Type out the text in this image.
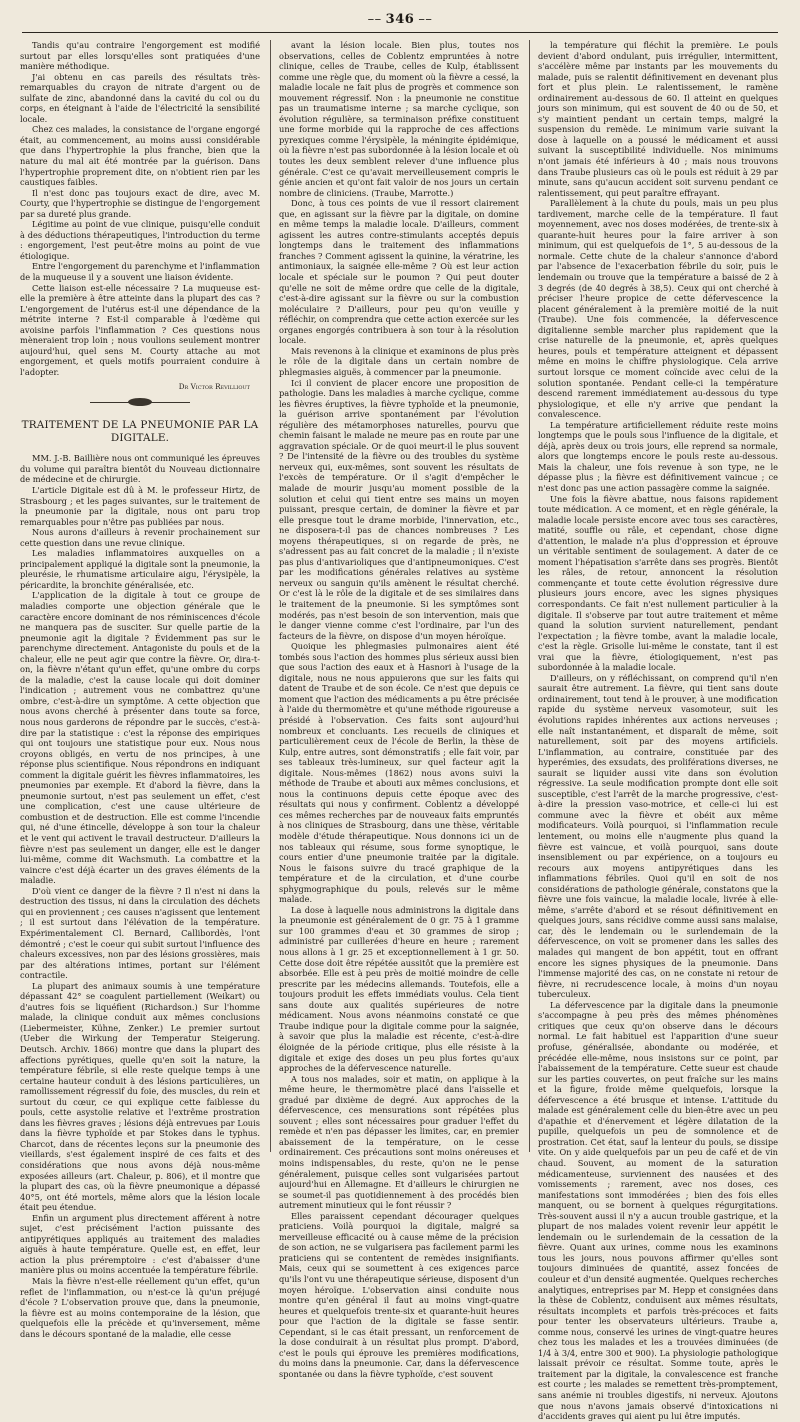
–– 346 ––

Tandis qu'au contraire l'engorgement est modifié surtout par elles lorsqu'elles sont pratiquées d'une manière méthodique.

J'ai obtenu en cas pareils des résultats très-remarquables du crayon de nitrate d'argent ou de sulfate de zinc, abandonné dans la cavité du col ou du corps, en éteignant à l'aide de l'électricité la sensibilité locale.

Chez ces malades, la consistance de l'organe engorgé était, au commencement, au moins aussi considérable que dans l'hypertrophie la plus franche, bien que la nature du mal ait été montrée par la guérison. Dans l'hypertrophie proprement dite, on n'obtient rien par les caustiques faibles.

Il n'est donc pas toujours exact de dire, avec M. Courty, que l'hypertrophie se distingue de l'engorgement par sa dureté plus grande.

Légitime au point de vue clinique, puisqu'elle conduit à des déductions thérapeutiques, l'introduction du terme : engorgement, l'est peut-être moins au point de vue étiologique.

Entre l'engorgement du parenchyme et l'inflammation de la muqueuse il y a souvent une liaison évidente.

Cette liaison est-elle nécessaire ? La muqueuse est-elle la première à être atteinte dans la plupart des cas ? L'engorgement de l'utérus est-il une dépendance de la métrite interne ? Est-il comparable à l'œdème qui avoisine parfois l'inflammation ? Ces questions nous mèneraient trop loin ; nous voulions seulement montrer aujourd'hui, quel sens M. Courty attache au mot engorgement, et quels motifs pourraient conduire à l'adopter.

Dr Victor Revilliout
TRAITEMENT DE LA PNEUMONIE PAR LA DIGITALE.

MM. J.-B. Baillière nous ont communiqué les épreuves du volume qui paraîtra bientôt du Nouveau dictionnaire de médecine et de chirurgie.

L'article Digitale est dû à M. le professeur Hirtz, de Strasbourg ; et les pages suivantes, sur le traitement de la pneumonie par la digitale, nous ont paru trop remarquables pour n'être pas publiées par nous.

Nous aurons d'ailleurs à revenir prochainement sur cette question dans une revue clinique.

Les maladies inflammatoires auxquelles on a principalement appliqué la digitale sont la pneumonie, la pleurésie, le rhumatisme articulaire aigu, l'érysipèle, la péricardite, la bronchite généralisée, etc.

L'application de la digitale à tout ce groupe de maladies comporte une objection générale que le caractère encore dominant de nos réminiscences d'école ne manquera pas de susciter. Sur quelle partie de la pneumonie agit la digitale ? Évidemment pas sur le parenchyme directement. Antagoniste du pouls et de la chaleur, elle ne peut agir que contre la fièvre. Or, dira-t-on, la fièvre n'étant qu'un effet, qu'une ombre du corps de la maladie, c'est la cause locale qui doit dominer l'indication ; autrement vous ne combattrez qu'une ombre, c'est-à-dire un symptôme. A cette objection que nous avons cherché à présenter dans toute sa force, nous nous garderons de répondre par le succès, c'est-à-dire par la statistique : c'est la réponse des empiriques qui ont toujours une statistique pour eux. Nous nous croyons obligés, en vertu de nos principes, à une réponse plus scientifique. Nous répondrons en indiquant comment la digitale guérit les fièvres inflammatoires, les pneumonies par exemple. Et d'abord la fièvre, dans la pneumonie surtout, n'est pas seulement un effet, c'est une complication, c'est une cause ultérieure de combustion et de destruction. Elle est comme l'incendie qui, né d'une étincelle, développe à son tour la chaleur et le vent qui activent le travail destructeur. D'ailleurs la fièvre n'est pas seulement un danger, elle est le danger lui-même, comme dit Wachsmuth. La combattre et la vaincre c'est déjà écarter un des graves éléments de la maladie.

D'où vient ce danger de la fièvre ? Il n'est ni dans la destruction des tissus, ni dans la circulation des déchets qui en proviennent ; ces causes n'agissent que lentement ; il est surtout dans l'élévation de la température. Expérimentalement Cl. Bernard, Callibordès, l'ont démontré ; c'est le coeur qui subit surtout l'influence des chaleurs excessives, non par des lésions grossières, mais par des altérations intimes, portant sur l'élément contractile.

La plupart des animaux soumis à une température dépassant 42° se coagulent partiellement (Weikart) ou d'autres fois se liquéfient (Richardson.) Sur l'homme malade, la clinique conduit aux mêmes conclusions (Liebermeister, Kühne, Zenker.) Le premier surtout (Ueber die Wirkung der Temperatur Steigerung. Deutsch. Archiv. 1866) montre que dans la plupart des affections pyrétiques, quelle qu'en soit la nature, la température fébrile, si elle reste quelque temps à une certaine hauteur conduit à des lésions particulières, un ramollissement régressif du foie, des muscles, du rein et surtout du cœur, ce qui explique cette faiblesse du pouls, cette asystolie relative et l'extrême prostration dans les fièvres graves ; lésions déjà entrevues par Louis dans la fièvre typhoïde et par Stokes dans le typhus. Charcot, dans de récentes leçons sur la pneumonie des vieillards, s'est également inspiré de ces faits et des considérations que nous avons déjà nous-même exposées ailleurs (art. Chaleur, p. 806), et il montre que la plupart des cas, où la fièvre pneumonique a dépassé 40°5, ont été mortels, même alors que la lésion locale était peu étendue.

Enfin un argument plus directement afférent à notre sujet, c'est précisément l'action puissante des antipyrétiques appliqués au traitement des maladies aiguës à haute température. Quelle est, en effet, leur action la plus préremptoire : c'est d'abaisser d'une manière plus ou moins accentuée la température fébrile.

Mais la fièvre n'est-elle réellement qu'un effet, qu'un reflet de l'inflammation, ou n'est-ce là qu'un préjugé d'école ? L'observation prouve que, dans la pneumonie, la fièvre est au moins contemporaine de la lésion, que quelquefois elle la précède et qu'inversement, même dans le décours spontané de la maladie, elle cesse

avant la lésion locale. Bien plus, toutes nos observations, celles de Coblentz empruntées à notre clinique, celles de Traube, celles de Kulp, établissent comme une règle que, du moment où la fièvre a cessé, la maladie locale ne fait plus de progrès et commence son mouvement régressif. Non : la pneumonie ne constitue pas un traumatisme interne ; sa marche cyclique, son évolution régulière, sa terminaison préfixe constituent une forme morbide qui la rapproche de ces affections pyrexiques comme l'érysipèle, la méningite épidémique, où la fièvre n'est pas subordonnée à la lésion locale et où toutes les deux semblent relever d'une influence plus générale. C'est ce qu'avait merveilleusement compris le génie ancien et qu'ont fait valoir de nos jours un certain nombre de cliniciens. (Traube, Marrotte.)

Donc, à tous ces points de vue il ressort clairement que, en agissant sur la fièvre par la digitale, on domine en même temps la maladie locale. D'ailleurs, comment agissent les autres contre-stimulants acceptés depuis longtemps dans le traitement des inflammations franches ? Comment agissent la quinine, la vératrine, les antimoniaux, la saignée elle-même ? Où est leur action locale et spéciale sur le poumon ? Qui peut douter qu'elle ne soit de même ordre que celle de la digitale, c'est-à-dire agissant sur la fièvre ou sur la combustion moléculaire ? D'ailleurs, pour peu qu'on veuille y réfléchir, on comprendra que cette action exercée sur les organes engorgés contribuera à son tour à la résolution locale.

Mais revenons à la clinique et examinons de plus près le rôle de la digitale dans un certain nombre de phlegmasies aiguës, à commencer par la pneumonie.

Ici il convient de placer encore une proposition de pathologie. Dans les maladies à marche cyclique, comme les fièvres éruptives, la fièvre typhoïde et la pneumonie, la guérison arrive spontanément par l'évolution régulière des métamorphoses naturelles, pourvu que chemin faisant le malade ne meure pas en route par une aggravation spéciale. Or de quoi meurt-il le plus souvent ? De l'intensité de la fièvre ou des troubles du système nerveux qui, eux-mêmes, sont souvent les résultats de l'excès de température. Or il s'agit d'empêcher le malade de mourir jusqu'au moment possible de la solution et celui qui tient entre ses mains un moyen puissant, presque certain, de dominer la fièvre et par elle presque tout le drame morbide, l'innervation, etc., ne disposera-t-il pas de chances nombreuses ? Les moyens thérapeutiques, si on regarde de près, ne s'adressent pas au fait concret de la maladie ; il n'existe pas plus d'antivarioliques que d'antipneumoniques. C'est par les modifications générales relatives au système nerveux ou sanguin qu'ils amènent le résultat cherché. Or c'est là le rôle de la digitale et de ses similaires dans le traitement de la pneumonie. Si les symptômes sont modérés, pas n'est besoin de son intervention, mais que le danger vienne comme c'est l'ordinaire, par l'un des facteurs de la fièvre, on dispose d'un moyen héroïque.

Quoique les phlegmasies pulmonaires aient été tombés sous l'action des hommes plus sérieux aussi bien que sous l'action des eaux et à Hasnori à l'usage de la digitale, nous ne nous appuierons que sur les faits qui datent de Traube et de son école. Ce n'est que depuis ce moment que l'action des médicaments a pu être précisée à l'aide du thermomètre et qu'une méthode rigoureuse a présidé à l'observation. Ces faits sont aujourd'hui nombreux et concluants. Les recueils de cliniques et particulièrement ceux de l'école de Berlin, la thèse de Kulp, entre autres, sont démonstratifs ; elle fait voir, par ses tableaux très-lumineux, sur quel facteur agit la digitale. Nous-mêmes (1862) nous avons suivi la méthode de Traube et abouti aux mêmes conclusions, et nous la continuons depuis cette époque avec des résultats qui nous y confirment. Coblentz a développé ces mêmes recherches par de nouveaux faits empruntés à nos cliniques de Strasbourg, dans une thèse, véritable modèle d'étude thérapeutique. Nous donnons ici un de nos tableaux qui résume, sous forme synoptique, le cours entier d'une pneumonie traitée par la digitale. Nous le faisons suivre du tracé graphique de la température et de la circulation, et d'une courbe sphygmographique du pouls, relevés sur le même malade.

La dose à laquelle nous administrons la digitale dans la pneumonie est généralement de 0 gr. 75 à 1 gramme sur 100 grammes d'eau et 30 grammes de sirop ; administré par cuillerées d'heure en heure ; rarement nous allons à 1 gr. 25 et exceptionnellement à 1 gr. 50. Cette dose doit être répétée aussitôt que la première est absorbée. Elle est à peu près de moitié moindre de celle prescrite par les médecins allemands. Toutefois, elle a toujours produit les effets immédiats voulus. Cela tient sans doute aux qualités supérieures de notre médicament. Nous avons néanmoins constaté ce que Traube indique pour la digitale comme pour la saignée, à savoir que plus la maladie est récente, c'est-à-dire éloignée de la période critique, plus elle résiste à la digitale et exige des doses un peu plus fortes qu'aux approches de la défervescence naturelle.

A tous nos malades, soir et matin, on applique à la même heure, le thermomètre placé dans l'aisselle et gradué par dixième de degré. Aux approches de la défervescence, ces mensurations sont répétées plus souvent ; elles sont nécessaires pour graduer l'effet du remède et n'en pas dépasser les limites, car, en premier abaissement de la température, on le cesse ordinairement. Ces précautions sont moins onéreuses et moins indispensables, du reste, qu'on ne le pense généralement, puisque celles sont vulgarisées partout aujourd'hui en Allemagne. Et d'ailleurs le chirurgien ne se soumet-il pas quotidiennement à des procédés bien autrement minutieux qui le font réussir ?

Elles paraissent cependant décourager quelques praticiens. Voilà pourquoi la digitale, malgré sa merveilleuse efficacité ou à cause même de la précision de son action, ne se vulgarisera pas facilement parmi les praticiens qui se contentent de remèdes insignifiants. Mais, ceux qui se soumettent à ces exigences parce qu'ils l'ont vu une thérapeutique sérieuse, disposent d'un moyen héroïque. L'observation ainsi conduite nous montre qu'en général il faut au moins vingt-quatre heures et quelquefois trente-six et quarante-huit heures pour que l'action de la digitale se fasse sentir. Cependant, si le cas était pressant, un renforcement de la dose conduirait à un résultat plus prompt. D'abord, c'est le pouls qui éprouve les premières modifications, du moins dans la pneumonie. Car, dans la défervescence spontanée ou dans la fièvre typhoïde, c'est souvent

la température qui fléchit la première. Le pouls devient d'abord ondulant, puis irrégulier, intermittent, s'accélère même par instants par les mouvements du malade, puis se ralentit définitivement en devenant plus fort et plus plein. Le ralentissement, le ramène ordinairement au-dessous de 60. Il atteint en quelques jours son minimum, qui est souvent de 40 ou de 50, et s'y maintient pendant un certain temps, malgré la suspension du remède. Le minimum varie suivant la dose à laquelle on a poussé le médicament et aussi suivant la susceptibilité individuelle. Nos minimums n'ont jamais été inférieurs à 40 ; mais nous trouvons dans Traube plusieurs cas où le pouls est réduit à 29 par minute, sans qu'aucun accident soit survenu pendant ce ralentissement, qui peut paraître effrayant.

Parallèlement à la chute du pouls, mais un peu plus tardivement, marche celle de la température. Il faut moyennement, avec nos doses modérées, de trente-six à quarante-huit heures pour la faire arriver à son minimum, qui est quelquefois de 1°, 5 au-dessous de la normale. Cette chute de la chaleur s'annonce d'abord par l'absence de l'exacerbation fébrile du soir, puis le lendemain ou trouve que la température a baissé de 2 à 3 degrés (de 40 degrés à 38,5). Ceux qui ont cherché à préciser l'heure propice de cette défervescence la placent généralement à la première moitié de la nuit (Traube). Une fois commencée, la défervescence digitalienne semble marcher plus rapidement que la crise naturelle de la pneumonie, et, après quelques heures, pouls et température atteignent et dépassent même en moins le chiffre physiologique. Cela arrive surtout lorsque ce moment coïncide avec celui de la solution spontanée. Pendant celle-ci la température descend rarement immédiatement au-dessous du type physiologique, et elle n'y arrive que pendant la convalescence.

La température artificiellement réduite reste moins longtemps que le pouls sous l'influence de la digitale, et déjà, après deux ou trois jours, elle reprend sa normale, alors que longtemps encore le pouls reste au-dessous. Mais la chaleur, une fois revenue à son type, ne le dépasse plus ; la fièvre est définitivement vaincue ; ce n'est donc pas une action passagère comme la saignée.

Une fois la fièvre abattue, nous faisons rapidement toute médication. A ce moment, et en règle générale, la maladie locale persiste encore avec tous ses caractères, matité, souffle ou râle, et cependant, chose digne d'attention, le malade n'a plus d'oppression et éprouve un véritable sentiment de soulagement. A dater de ce moment l'hépatisation s'arrête dans ses progrès. Bientôt les râles, de retour, annoncent la résolution commençante et toute cette évolution régressive dure plusieurs jours encore, avec les signes physiques correspondants. Ce fait n'est nullement particulier à la digitale. Il s'observe par tout autre traitement et même quand la solution survient naturellement, pendant l'expectation ; la fièvre tombe, avant la maladie locale, c'est la règle. Grisolle lui-même le constate, tant il est vrai que la fièvre, étiologiquement, n'est pas subordonnée à la maladie locale.

D'ailleurs, on y réfléchissant, on comprend qu'il n'en saurait être autrement. La fièvre, qui tient sans doute ordinairement, tout tend à le prouver, à une modification rapide du système nerveux vasomoteur, suit les évolutions rapides inhérentes aux actions nerveuses ; elle naît instantanément, et disparaît de même, soit naturellement, soit par des moyens artificiels. L'inflammation, au contraire, constituée par des hyperémies, des exsudats, des proliférations diverses, ne saurait se liquider aussi vite dans son évolution régressive. La seule modification prompte dont elle soit susceptible, c'est l'arrêt de la marche progressive, c'est-à-dire la pression vaso-motrice, et celle-ci lui est commune avec la fièvre et obéit aux même modificateurs. Voilà pourquoi, si l'inflammation recule lentement, ou moins elle n'augmente plus quand la fièvre est vaincue, et voilà pourquoi, sans doute insensiblement ou par expérience, on a toujours eu recours aux moyens antipyrétiques dans les inflammations fébriles. Quoi qu'il en soit de nos considérations de pathologie générale, constatons que la fièvre une fois vaincue, la maladie locale, livrée à elle-même, s'arrête d'abord et se résout définitivement en quelques jours, sans récidive comme aussi sans malaise, car, dès le lendemain ou le surlendemain de la défervescence, on voit se promener dans les salles des malades qui mangent de bon appétit, tout en offrant encore les signes physiques de la pneumonie. Dans l'immense majorité des cas, on ne constate ni retour de fièvre, ni recrudescence locale, à moins d'un noyau tuberculeux.

La défervescence par la digitale dans la pneumonie s'accompagne à peu près des mêmes phénomènes critiques que ceux qu'on observe dans le décours normal. Le fait habituel est l'apparition d'une sueur profuse, généralisée, abondante ou modérée, et précédée elle-même, nous insistons sur ce point, par l'abaissement de la température. Cette sueur est chaude sur les parties couvertes, on peut fraîche sur les mains et la figure, froide même quelquefois, lorsque la défervescence a été brusque et intense. L'attitude du malade est généralement celle du bien-être avec un peu d'apathie et d'énervement et légère dilatation de la pupille, quelquefois un peu de somnolence et de prostration. Cet état, sauf la lenteur du pouls, se dissipe vite. On y aide quelquefois par un peu de café et de vin chaud. Souvent, au moment de la saturation médicamenteuse, surviennent des nausées et des vomissements ; rarement, avec nos doses, ces manifestations sont immodérées ; bien des fois elles manquent, ou se bornent à quelques régurgitations. Très-souvent aussi il n'y a aucun trouble gastrique, et la plupart de nos malades voient revenir leur appétit le lendemain ou le surlendemain de la cessation de la fièvre. Quant aux urines, comme nous les examinons tous les jours, nous pouvons affirmer qu'elles sont toujours diminuées de quantité, assez foncées de couleur et d'un densité augmentée. Quelques recherches analytiques, entreprises par M. Hepp et consignées dans la thèse de Coblentz, conduisent aux mêmes résultats, résultats incomplets et parfois très-précoces et faits pour tenter les observateurs ultérieurs. Traube a, comme nous, conservé les urines de vingt-quatre heures chez tous les malades et les a trouvées diminuées (de 1/4 à 3/4, entre 300 et 900). La physiologie pathologique laissait prévoir ce résultat. Somme toute, après le traitement par la digitale, la convalescence est franche est courte ; les malades se remettent très-promptement, sans anémie ni troubles digestifs, ni nerveux. Ajoutons que nous n'avons jamais observé d'intoxications ni d'accidents graves qui aient pu lui être imputés.
